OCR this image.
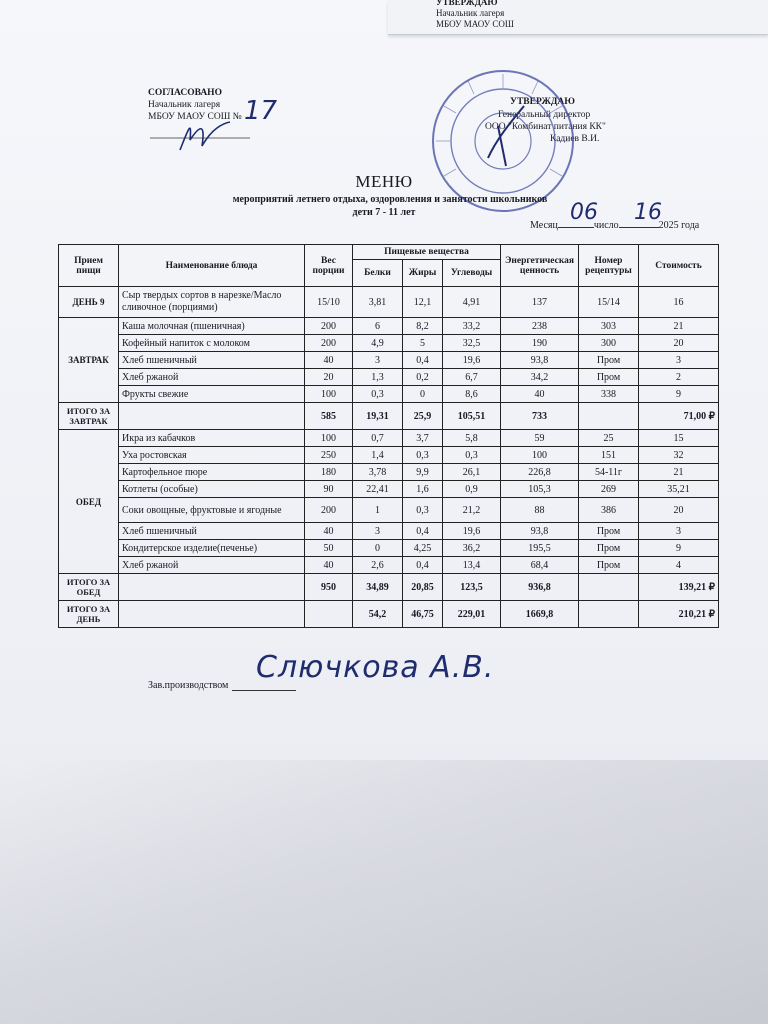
УТВЕРЖДАЮ
Начальник лагеря
МБОУ МАОУ СОШ
СОГЛАСОВАНО
Начальник лагеря
МБОУ МАОУ СОШ № 17	УТВЕРЖДАЮ
Генеральный директор
ООО "Комбинат питания КК"
Кадиев В.И.
МЕНЮ
мероприятий летнего отдыха, оздоровления и занятости школьников
дети 7 - 11 лет
Месяц	число	2025 года
06 16
Прием пищи	Наименование блюда	Вес порции	Пищевые вещества			Энергетическая ценность	Номер рецептуры	Стоимость
			Белки	Жиры	Углеводы			
ДЕНЬ 9	Сыр твердых сортов в нарезке/Масло сливочное (порциями)	15/10	3,81	12,1	4,91	137	15/14	16
ЗАВТРАК	Каша молочная (пшеничная)	200	6	8,2	33,2	238	303	21
	Кофейный напиток с молоком	200	4,9	5	32,5	190	300	20
	Хлеб пшеничный	40	3	0,4	19,6	93,8	Пром	3
	Хлеб ржаной	20	1,3	0,2	6,7	34,2	Пром	2
	Фрукты свежие	100	0,3	0	8,6	40	338	9
ИТОГО ЗА ЗАВТРАК		585	19,31	25,9	105,51	733		71,00 ₽
ОБЕД	Икра из кабачков	100	0,7	3,7	5,8	59	25	15
	Уха ростовская	250	1,4	0,3	0,3	100	151	32
	Картофельное пюре	180	3,78	9,9	26,1	226,8	54-11г	21
	Котлеты (особые)	90	22,41	1,6	0,9	105,3	269	35,21
	Соки овощные, фруктовые и ягодные	200	1	0,3	21,2	88	386	20
	Хлеб пшеничный	40	3	0,4	19,6	93,8	Пром	3
	Кондитерское изделие(печенье)	50	0	4,25	36,2	195,5	Пром	9
	Хлеб ржаной	40	2,6	0,4	13,4	68,4	Пром	4
ИТОГО ЗА ОБЕД		950	34,89	20,85	123,5	936,8		139,21 ₽
ИТОГО ЗА ДЕНЬ			54,2	46,75	229,01	1669,8		210,21 ₽
Зав.производством
Слючкова А.В.
